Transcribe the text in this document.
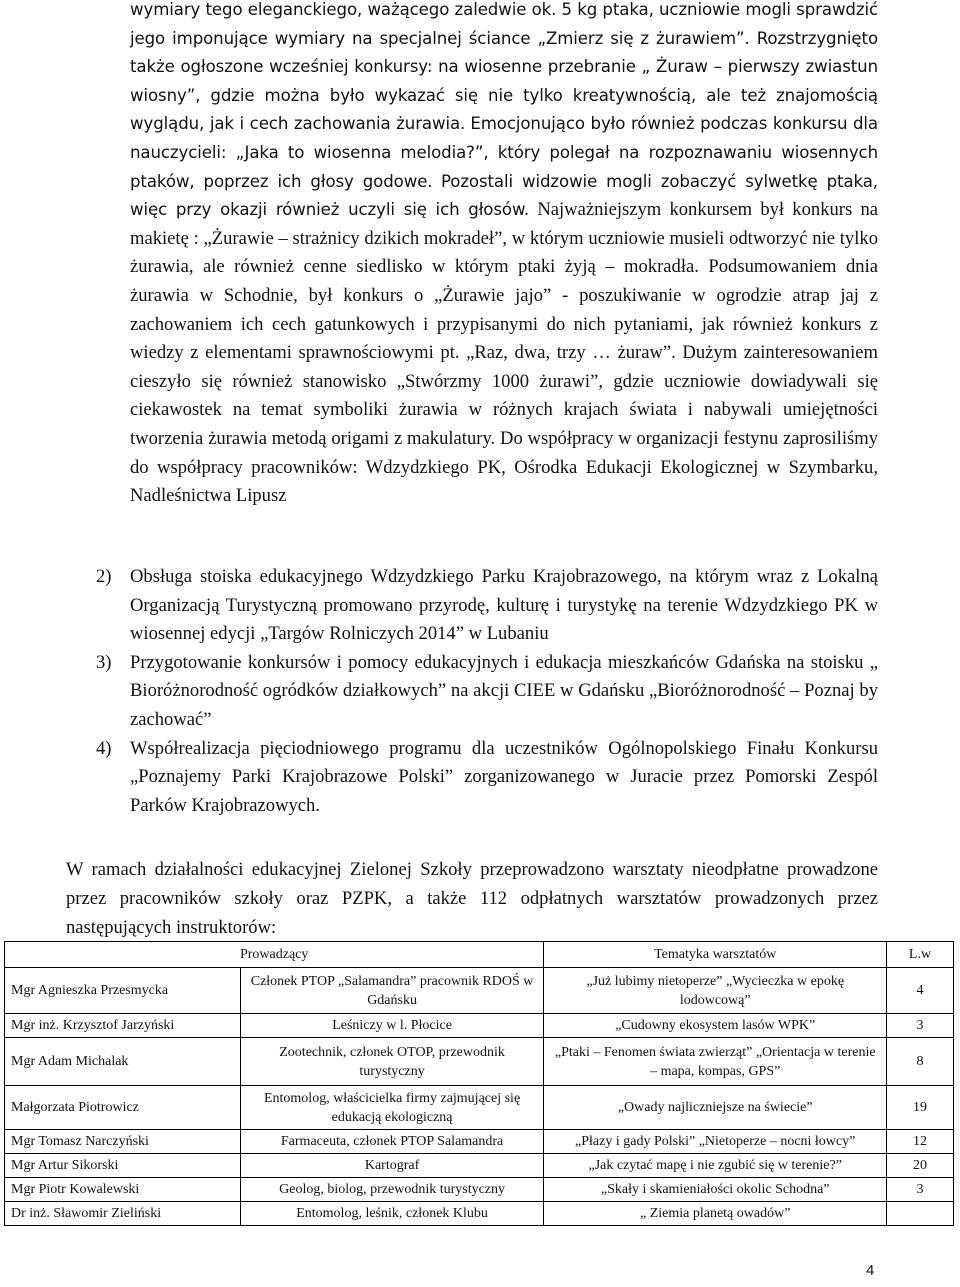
wymiary tego eleganckiego, ważącego zaledwie ok. 5 kg ptaka, uczniowie mogli sprawdzić jego imponujące wymiary na specjalnej ściance „Zmierz się z żurawiem”. Rozstrzygnięto także ogłoszone wcześniej konkursy: na wiosenne przebranie „ Żuraw – pierwszy zwiastun wiosny”, gdzie można było wykazać się nie tylko kreatywnością, ale też znajomością wyglądu, jak i cech zachowania żurawia. Emocjonująco było również podczas konkursu dla nauczycieli: „Jaka to wiosenna melodia?”, który polegał na rozpoznawaniu wiosennych ptaków, poprzez ich głosy godowe. Pozostali widzowie mogli zobaczyć sylwetkę ptaka, więc przy okazji również uczyli się ich głosów. Najważniejszym konkursem był konkurs na makietę : „Żurawie – strażnicy dzikich mokradeł”, w którym uczniowie musieli odtworzyć nie tylko żurawia, ale również cenne siedlisko w którym ptaki żyją – mokradła. Podsumowaniem dnia żurawia w Schodnie, był konkurs o „Żurawie jajo” - poszukiwanie w ogrodzie atrap jaj z zachowaniem ich cech gatunkowych i przypisanymi do nich pytaniami, jak również konkurs z wiedzy z elementami sprawnościowymi pt. „Raz, dwa, trzy … żuraw”. Dużym zainteresowaniem cieszyło się również stanowisko „Stwórzmy 1000 żurawi”, gdzie uczniowie dowiadywali się ciekawostek na temat symboliki żurawia w różnych krajach świata i nabywali umiejętności tworzenia żurawia metodą origami z makulatury. Do współpracy w organizacji festynu zaprosiliśmy do współpracy pracowników: Wdzydzkiego PK, Ośrodka Edukacji Ekologicznej w Szymbarku, Nadleśnictwa Lipusz

2) Obsługa stoiska edukacyjnego Wdzydzkiego Parku Krajobrazowego, na którym wraz z Lokalną Organizacją Turystyczną promowano przyrodę, kulturę i turystykę na terenie Wdzydzkiego PK w wiosennej edycji „Targów Rolniczych 2014” w Lubaniu

3) Przygotowanie konkursów i pomocy edukacyjnych i edukacja mieszkańców Gdańska na stoisku „ Bioróżnorodność ogródków działkowych” na akcji CIEE w Gdańsku „Bioróżnorodność – Poznaj by zachować”

4) Współrealizacja pięciodniowego programu dla uczestników Ogólnopolskiego Finału Konkursu „Poznajemy Parki Krajobrazowe Polski” zorganizowanego w Juracie przez Pomorski Zespól Parków Krajobrazowych.

W ramach działalności edukacyjnej Zielonej Szkoły przeprowadzono warsztaty nieodpłatne prowadzone przez pracowników szkoły oraz PZPK, a także 112 odpłatnych warsztatów prowadzonych przez następujących instruktorów:

Prowadzący		Tematyka warsztatów	L.w
Mgr Agnieszka Przesmycka	Członek PTOP „Salamandra” pracownik RDOŚ w Gdańsku	„Już lubimy nietoperze” „Wycieczka w epokę lodowcową”	4
Mgr inż. Krzysztof Jarzyński	Leśniczy w l. Płocice	„Cudowny ekosystem lasów WPK”	3
Mgr Adam Michalak	Zootechnik, członek OTOP, przewodnik turystyczny	„Ptaki – Fenomen świata zwierząt” „Orientacja w terenie – mapa, kompas, GPS”	8
Małgorzata Piotrowicz	Entomolog, właścicielka firmy zajmującej się edukacją ekologiczną	„Owady najliczniejsze na świecie”	19
Mgr Tomasz Narczyński	Farmaceuta, członek PTOP Salamandra	„Płazy i gady Polski” „Nietoperze – nocni łowcy”	12
Mgr Artur Sikorski	Kartograf	„Jak czytać mapę i nie zgubić się w terenie?”	20
Mgr Piotr Kowalewski	Geolog, biolog, przewodnik turystyczny	„Skały i skamieniałości okolic Schodna”	3
Dr inż. Sławomir Zieliński	Entomolog, leśnik, członek Klubu	„ Ziemia planetą owadów”	
4
